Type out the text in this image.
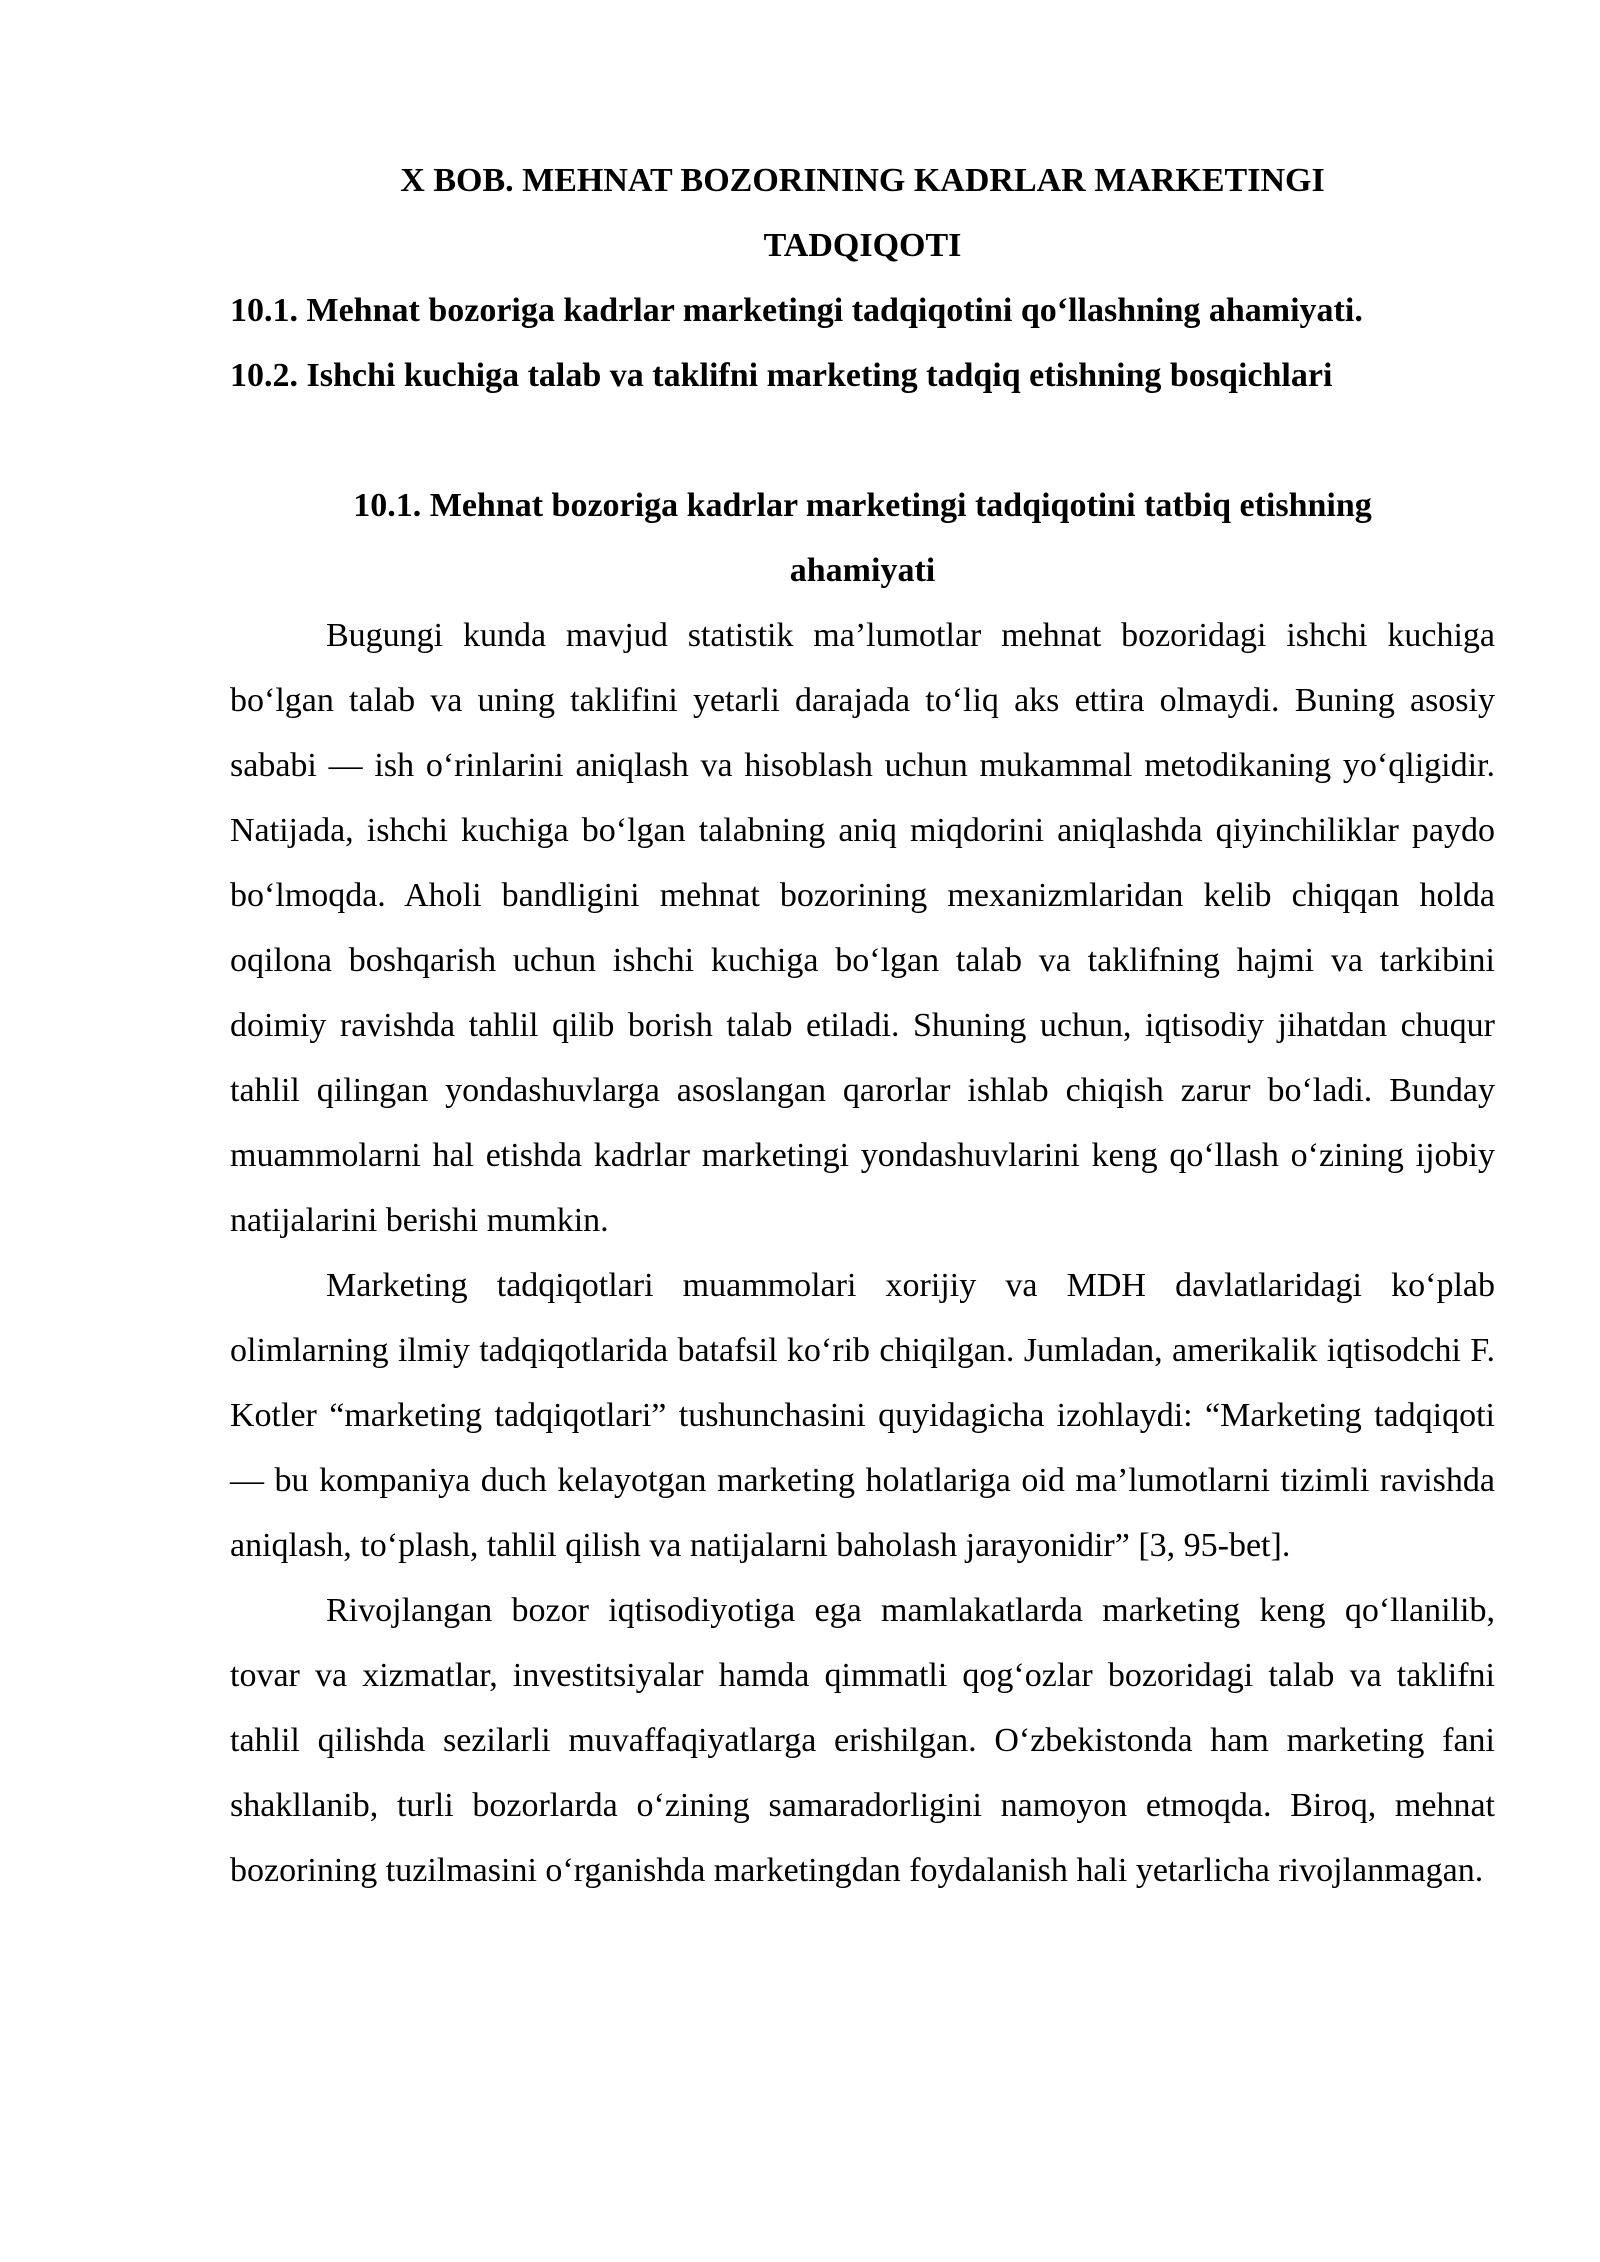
X BOB. MEHNAT BOZORINING KADRLAR MARKETINGI
TADQIQOTI

10.1. Mehnat bozoriga kadrlar marketingi tadqiqotini qo‘llashning ahamiyati.

10.2. Ishchi kuchiga talab va taklifni marketing tadqiq etishning bosqichlari

10.1. Mehnat bozoriga kadrlar marketingi tadqiqotini tatbiq etishning
ahamiyati

Bugungi kunda mavjud statistik ma’lumotlar mehnat bozoridagi ishchi kuchiga bo‘lgan talab va uning taklifini yetarli darajada to‘liq aks ettira olmaydi. Buning asosiy sababi — ish o‘rinlarini aniqlash va hisoblash uchun mukammal metodikaning yo‘qligidir. Natijada, ishchi kuchiga bo‘lgan talabning aniq miqdorini aniqlashda qiyinchiliklar paydo bo‘lmoqda. Aholi bandligini mehnat bozorining mexanizmlaridan kelib chiqqan holda oqilona boshqarish uchun ishchi kuchiga bo‘lgan talab va taklifning hajmi va tarkibini doimiy ravishda tahlil qilib borish talab etiladi. Shuning uchun, iqtisodiy jihatdan chuqur tahlil qilingan yondashuvlarga asoslangan qarorlar ishlab chiqish zarur bo‘ladi. Bunday muammolarni hal etishda kadrlar marketingi yondashuvlarini keng qo‘llash o‘zining ijobiy natijalarini berishi mumkin.

Marketing tadqiqotlari muammolari xorijiy va MDH davlatlaridagi ko‘plab olimlarning ilmiy tadqiqotlarida batafsil ko‘rib chiqilgan. Jumladan, amerikalik iqtisodchi F. Kotler “marketing tadqiqotlari” tushunchasini quyidagicha izohlaydi: “Marketing tadqiqoti — bu kompaniya duch kelayotgan marketing holatlariga oid ma’lumotlarni tizimli ravishda aniqlash, to‘plash, tahlil qilish va natijalarni baholash jarayonidir” [3, 95-bet].

Rivojlangan bozor iqtisodiyotiga ega mamlakatlarda marketing keng qo‘llanilib, tovar va xizmatlar, investitsiyalar hamda qimmatli qog‘ozlar bozoridagi talab va taklifni tahlil qilishda sezilarli muvaffaqiyatlarga erishilgan. O‘zbekistonda ham marketing fani shakllanib, turli bozorlarda o‘zining samaradorligini namoyon etmoqda. Biroq, mehnat bozorining tuzilmasini o‘rganishda marketingdan foydalanish hali yetarlicha rivojlanmagan.
